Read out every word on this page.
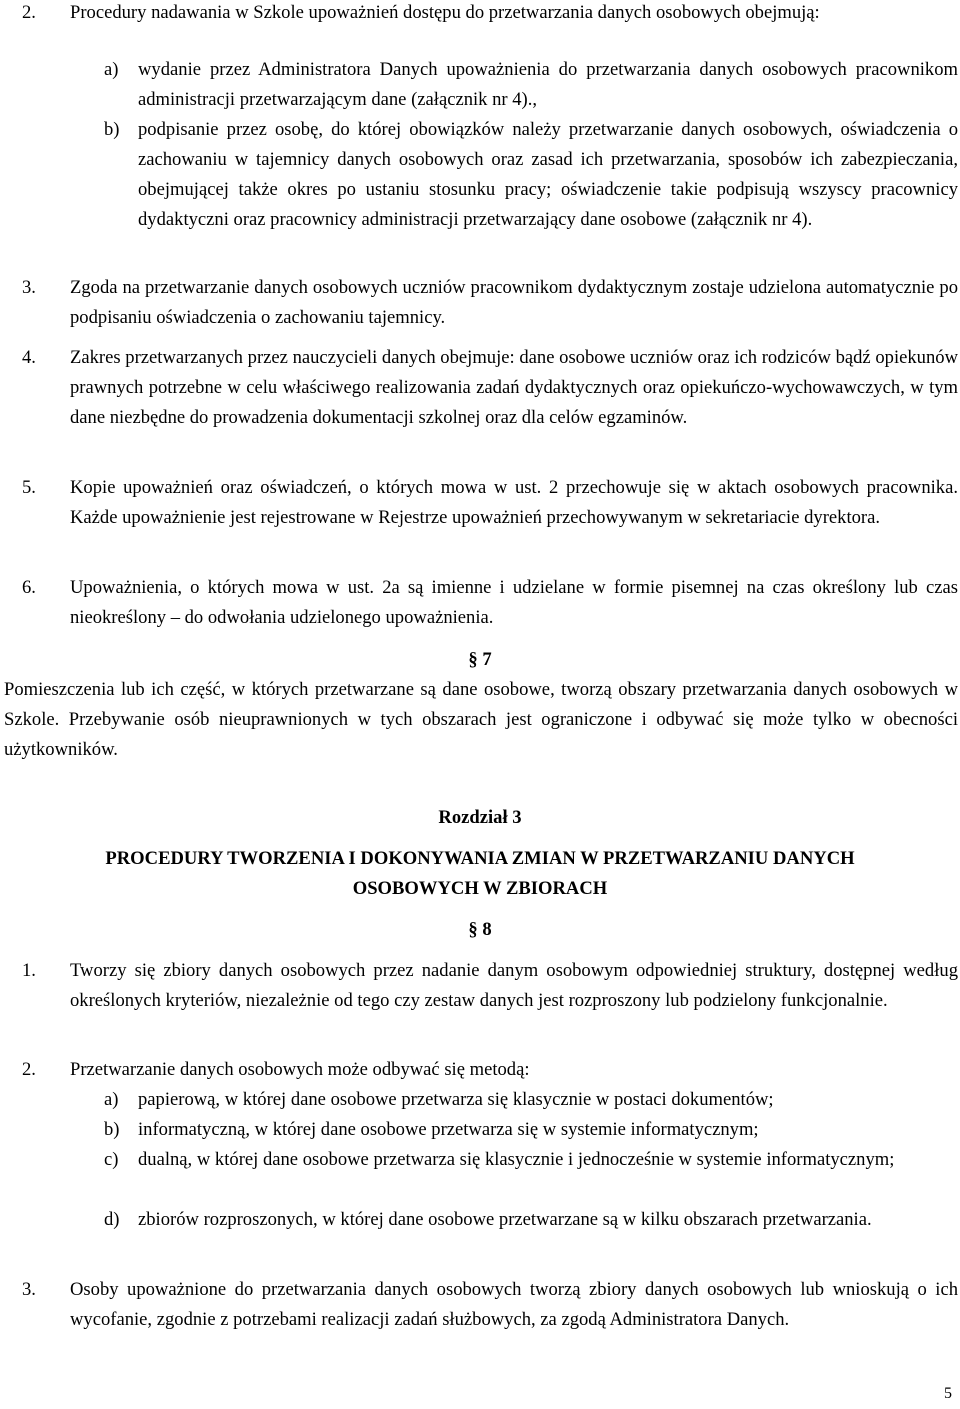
2. Procedury nadawania w Szkole upoważnień dostępu do przetwarzania danych osobowych obejmują:
a) wydanie przez Administratora Danych upoważnienia do przetwarzania danych osobowych pracownikom administracji przetwarzającym dane (załącznik nr 4).,
b) podpisanie przez osobę, do której obowiązków należy przetwarzanie danych osobowych, oświadczenia o zachowaniu w tajemnicy danych osobowych oraz zasad ich przetwarzania, sposobów ich zabezpieczania, obejmującej także okres po ustaniu stosunku pracy; oświadczenie takie podpisują wszyscy pracownicy dydaktyczni oraz pracownicy administracji przetwarzający dane osobowe (załącznik nr 4).
3. Zgoda na przetwarzanie danych osobowych uczniów pracownikom dydaktycznym zostaje udzielona automatycznie po podpisaniu oświadczenia o zachowaniu tajemnicy.
4. Zakres przetwarzanych przez nauczycieli danych obejmuje: dane osobowe uczniów oraz ich rodziców bądź opiekunów prawnych potrzebne w celu właściwego realizowania zadań dydaktycznych oraz opiekuńczo-wychowawczych, w tym dane niezbędne do prowadzenia dokumentacji szkolnej oraz dla celów egzaminów.
5. Kopie upoważnień oraz oświadczeń, o których mowa w ust. 2 przechowuje się w aktach osobowych pracownika. Każde upoważnienie jest rejestrowane w Rejestrze upoważnień przechowywanym w sekretariacie dyrektora.
6. Upoważnienia, o których mowa w ust. 2a są imienne i udzielane w formie pisemnej na czas określony lub czas nieokreślony – do odwołania udzielonego upoważnienia.
§ 7
Pomieszczenia lub ich część, w których przetwarzane są dane osobowe, tworzą obszary przetwarzania danych osobowych w Szkole. Przebywanie osób nieuprawnionych w tych obszarach jest ograniczone i odbywać się może tylko w obecności użytkowników.
Rozdział 3
PROCEDURY TWORZENIA I DOKONYWANIA ZMIAN W PRZETWARZANIU DANYCH
OSOBOWYCH W ZBIORACH
§ 8
1. Tworzy się zbiory danych osobowych przez nadanie danym osobowym odpowiedniej struktury, dostępnej według określonych kryteriów, niezależnie od tego czy zestaw danych jest rozproszony lub podzielony funkcjonalnie.
2. Przetwarzanie danych osobowych może odbywać się metodą:
a) papierową, w której dane osobowe przetwarza się klasycznie w postaci dokumentów;
b) informatyczną, w której dane osobowe przetwarza się w systemie informatycznym;
c) dualną, w której dane osobowe przetwarza się klasycznie i jednocześnie w systemie informatycznym;
d) zbiorów rozproszonych, w której dane osobowe przetwarzane są w kilku obszarach przetwarzania.
3. Osoby upoważnione do przetwarzania danych osobowych tworzą zbiory danych osobowych lub wnioskują o ich wycofanie, zgodnie z potrzebami realizacji zadań służbowych, za zgodą Administratora Danych.
5
